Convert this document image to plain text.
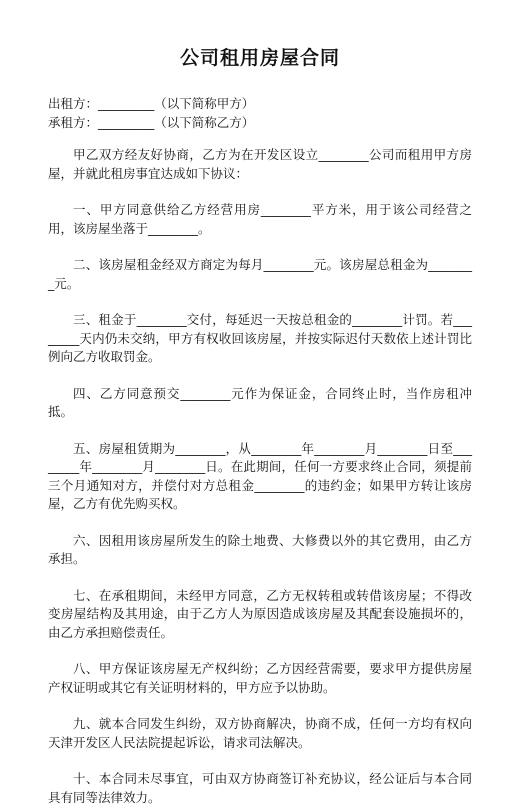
公司租用房屋合同
出租方：_________（以下简称甲方）
承租方：_________（以下简称乙方）

甲乙双方经友好协商，乙方为在开发区设立________公司而租用甲方房屋，并就此租房事宜达成如下协议：

一、甲方同意供给乙方经营用房________平方米，用于该公司经营之用，该房屋坐落于________。

二、该房屋租金经双方商定为每月________元。该房屋总租金为________元。

三、租金于________交付，每延迟一天按总租金的________计罚。若________天内仍未交纳，甲方有权收回该房屋，并按实际迟付天数依上述计罚比例向乙方收取罚金。

四、乙方同意预交________元作为保证金，合同终止时，当作房租冲抵。

五、房屋租赁期为________，从________年________月________日至________年________月________日。在此期间，任何一方要求终止合同，须提前三个月通知对方，并偿付对方总租金________的违约金；如果甲方转让该房屋，乙方有优先购买权。

六、因租用该房屋所发生的除土地费、大修费以外的其它费用，由乙方承担。

七、在承租期间，未经甲方同意，乙方无权转租或转借该房屋；不得改变房屋结构及其用途，由于乙方人为原因造成该房屋及其配套设施损坏的，由乙方承担赔偿责任。

八、甲方保证该房屋无产权纠纷；乙方因经营需要，要求甲方提供房屋产权证明或其它有关证明材料的，甲方应予以协助。

九、就本合同发生纠纷，双方协商解决，协商不成，任何一方均有权向天津开发区人民法院提起诉讼，请求司法解决。

十、本合同未尽事宜，可由双方协商签订补充协议，经公证后与本合同具有同等法律效力。
